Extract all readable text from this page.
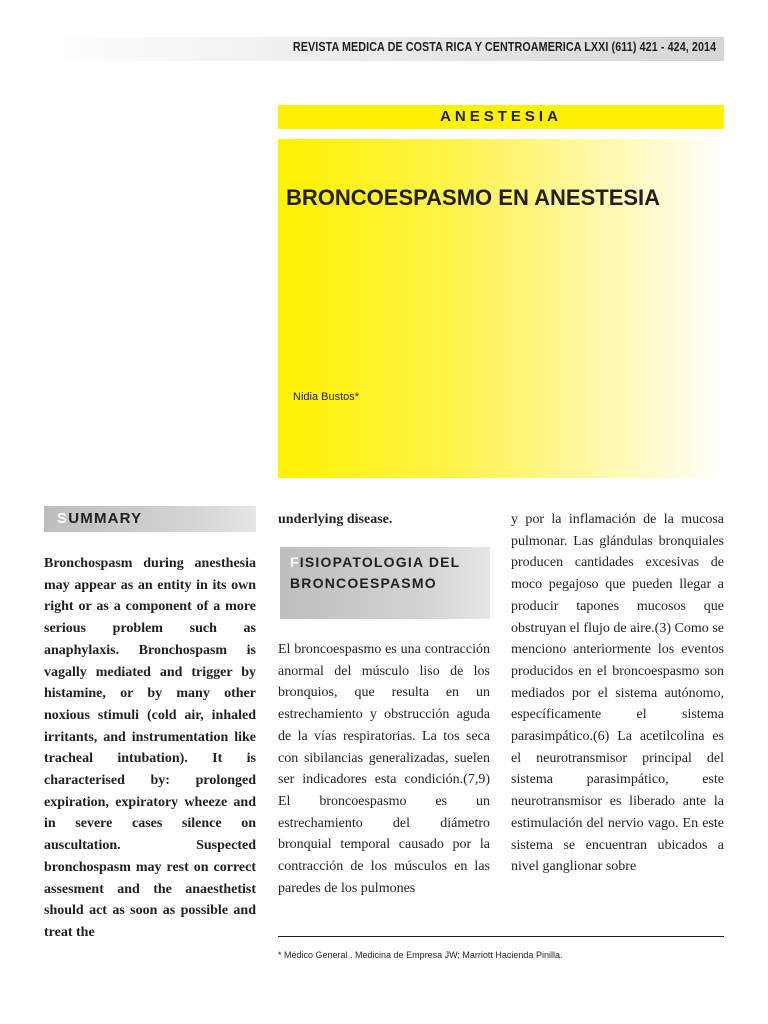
REVISTA MEDICA DE COSTA RICA Y CENTROAMERICA LXXI (611) 421 - 424, 2014
ANESTESIA
BRONCOESPASMO EN ANESTESIA
Nidia Bustos*
SUMMARY
Bronchospasm during anesthesia may appear as an entity in its own right or as a component of a more serious problem such as anaphylaxis. Bronchospasm is vagally mediated and trigger by histamine, or by many other noxious stimuli (cold air, inhaled irritants, and instrumentation like tracheal intubation). It is characterised by: prolonged expiration, expiratory wheeze and in severe cases silence on auscultation. Suspected bronchospasm may rest on correct assesment and the anaesthetist should act as soon as possible and treat the
underlying disease.
FISIOPATOLOGIA DEL BRONCOESPASMO
El broncoespasmo es una contracción anormal del músculo liso de los bronquios, que resulta en un estrechamiento y obstrucción aguda de la vías respiratorias. La tos seca con sibilancias generalizadas, suelen ser indicadores esta condición.(7,9) El broncoespasmo es un estrechamiento del diámetro bronquial temporal causado por la contracción de los músculos en las paredes de los pulmones
y por la inflamación de la mucosa pulmonar. Las glándulas bronquiales producen cantidades excesivas de moco pegajoso que pueden llegar a producir tapones mucosos que obstruyan el flujo de aire.(3) Como se menciono anteriormente los eventos producidos en el broncoespasmo son mediados por el sistema autónomo, específicamente el sistema parasimpático.(6) La acetilcolina es el neurotransmisor principal del sistema parasimpático, este neurotransmisor es liberado ante la estimulación del nervio vago. En este sistema se encuentran ubicados a nivel ganglionar sobre
* Médico General . Medicina de Empresa JW; Marriott Hacienda Pinilla.
